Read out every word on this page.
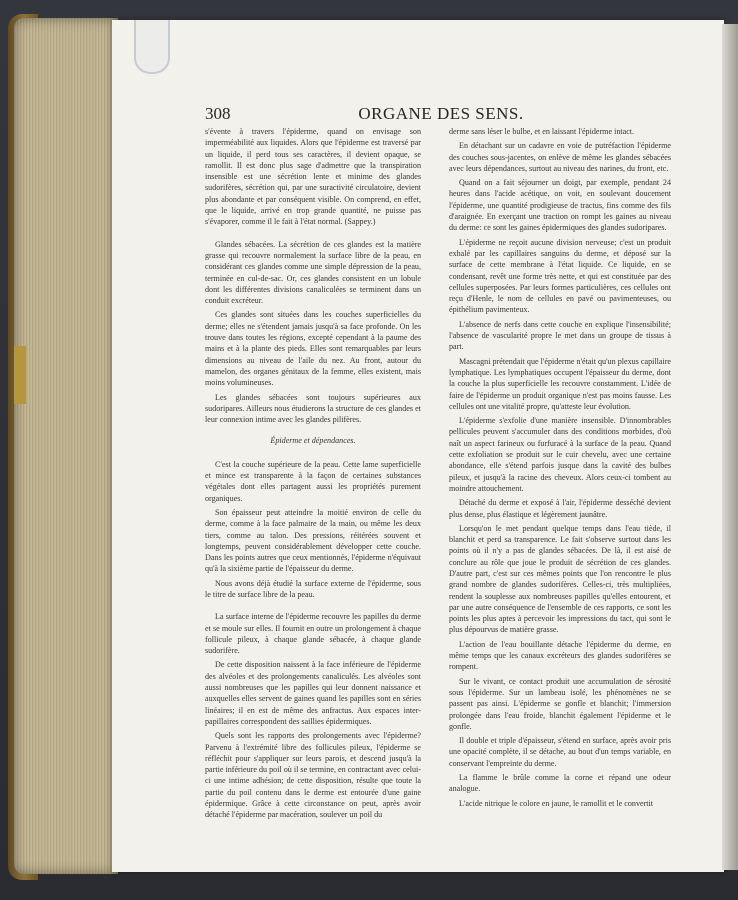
308	ORGANE DES SENS.

s'évente à travers l'épiderme, quand on envisage son imperméabilité aux liquides. Alors que l'épiderme est traversé par un liquide, il perd tous ses caractères, il devient opaque, se ramollit. Il est donc plus sage d'admettre que la transpiration insensible est une sécrétion lente et minime des glandes sudorifères, sécrétion qui, par une suractivité circulatoire, devient plus abondante et par conséquent visible. On comprend, en effet, que le liquide, arrivé en trop grande quantité, ne puisse pas s'évaporer, comme il le fait à l'état normal. (Sappey.)

Glandes sébacées. La sécrétion de ces glandes est la matière grasse qui recouvre normalement la surface libre de la peau, en considérant ces glandes comme une simple dépression de la peau, terminée en cul-de-sac. Or, ces glandes consistent en un lobule dont les différentes divisions canaliculées se terminent dans un conduit excréteur.

Ces glandes sont situées dans les couches superficielles du derme; elles ne s'étendent jamais jusqu'à sa face profonde. On les trouve dans toutes les régions, excepté cependant à la paume des mains et à la plante des pieds. Elles sont remarquables par leurs dimensions au niveau de l'aile du nez. Au front, autour du mamelon, des organes génitaux de la femme, elles existent, mais moins volumineuses.

Les glandes sébacées sont toujours supérieures aux sudoripares. Ailleurs nous étudierons la structure de ces glandes et leur connexion intime avec les glandes pilifères.

Épiderme et dépendances.

C'est la couche supérieure de la peau. Cette lame superficielle et mince est transparente à la façon de certaines substances végétales dont elles partagent aussi les propriétés purement organiques.

Son épaisseur peut atteindre la moitié environ de celle du derme, comme à la face palmaire de la main, ou même les deux tiers, comme au talon. Des pressions, réitérées souvent et longtemps, peuvent considérablement développer cette couche. Dans les points autres que ceux mentionnés, l'épiderme n'équivaut qu'à la sixième partie de l'épaisseur du derme.

Nous avons déjà étudié la surface externe de l'épiderme, sous le titre de surface libre de la peau.

La surface interne de l'épiderme recouvre les papilles du derme et se moule sur elles. Il fournit en outre un prolongement à chaque follicule pileux, à chaque glande sébacée, à chaque glande sudorifère.

De cette disposition naissent à la face inférieure de l'épiderme des alvéoles et des prolongements canaliculés. Les alvéoles sont aussi nombreuses que les papilles qui leur donnent naissance et auxquelles elles servent de gaines quand les papilles sont en séries linéaires; il en est de même des anfractus. Aux espaces inter-papillaires correspondent des saillies épidermiques.

Quels sont les rapports des prolongements avec l'épiderme? Parvenu à l'extrémité libre des follicules pileux, l'épiderme se réfléchit pour s'appliquer sur leurs parois, et descend jusqu'à la partie inférieure du poil où il se termine, en contractant avec celui-ci une intime adhésion; de cette disposition, résulte que toute la partie du poil contenu dans le derme est entourée d'une gaine épidermique. Grâce à cette circonstance on peut, après avoir détaché l'épiderme par macération, soulever un poil du

derme sans léser le bulbe, et en laissant l'épiderme intact.

En détachant sur un cadavre en voie de putréfaction l'épiderme des couches sous-jacentes, on enlève de même les glandes sébacées avec leurs dépendances, surtout au niveau des narines, du front, etc.

Quand on a fait séjourner un doigt, par exemple, pendant 24 heures dans l'acide acétique, on voit, en soulevant doucement l'épiderme, une quantité prodigieuse de tractus, fins comme des fils d'araignée. En exerçant une traction on rompt les gaines au niveau du derme: ce sont les gaines épidermiques des glandes sudoripares.

L'épiderme ne reçoit aucune division nerveuse; c'est un produit exhalé par les capillaires sanguins du derme, et déposé sur la surface de cette membrane à l'état liquide. Ce liquide, en se condensant, revêt une forme très nette, et qui est constituée par des cellules superposées. Par leurs formes particulières, ces cellules ont reçu d'Henle, le nom de cellules en pavé ou pavimenteuses, ou épithélium pavimenteux.

L'absence de nerfs dans cette couche en explique l'insensibilité; l'absence de vascularité propre le met dans un groupe de tissus à part.

Mascagni prétendait que l'épiderme n'était qu'un plexus capillaire lymphatique. Les lymphatiques occupent l'épaisseur du derme, dont la couche la plus superficielle les recouvre constamment. L'idée de faire de l'épiderme un produit organique n'est pas moins fausse. Les cellules ont une vitalité propre, qu'atteste leur évolution.

L'épiderme s'exfolie d'une manière insensible. D'innombrables pellicules peuvent s'accumuler dans des conditions morbides, d'où naît un aspect farineux ou furfuracé à la surface de la peau. Quand cette exfoliation se produit sur le cuir chevelu, avec une certaine abondance, elle s'étend parfois jusque dans la cavité des bulbes pileux, et jusqu'à la racine des cheveux. Alors ceux-ci tombent au moindre attouchement.

Détaché du derme et exposé à l'air, l'épiderme desséché devient plus dense, plus élastique et légèrement jaunâtre.

Lorsqu'on le met pendant quelque temps dans l'eau tiède, il blanchit et perd sa transparence. Le fait s'observe surtout dans les points où il n'y a pas de glandes sébacées. De là, il est aisé de conclure au rôle que joue le produit de sécrétion de ces glandes. D'autre part, c'est sur ces mêmes points que l'on rencontre le plus grand nombre de glandes sudorifères. Celles-ci, très multipliées, rendent la souplesse aux nombreuses papilles qu'elles entourent, et par une autre conséquence de l'ensemble de ces rapports, ce sont les points les plus aptes à percevoir les impressions du tact, qui sont le plus dépourvus de matière grasse.

L'action de l'eau bouillante détache l'épiderme du derme, en même temps que les canaux excréteurs des glandes sudorifères se rompent.

Sur le vivant, ce contact produit une accumulation de sérosité sous l'épiderme. Sur un lambeau isolé, les phénomènes ne se passent pas ainsi. L'épiderme se gonfle et blanchit; l'immersion prolongée dans l'eau froide, blanchit également l'épiderme et le gonfle.

Il double et triple d'épaisseur, s'étend en surface, après avoir pris une opacité complète, il se détache, au bout d'un temps variable, en conservant l'empreinte du derme.

La flamme le brûle comme la corne et répand une odeur analogue.

L'acide nitrique le colore en jaune, le ramollit et le convertit
